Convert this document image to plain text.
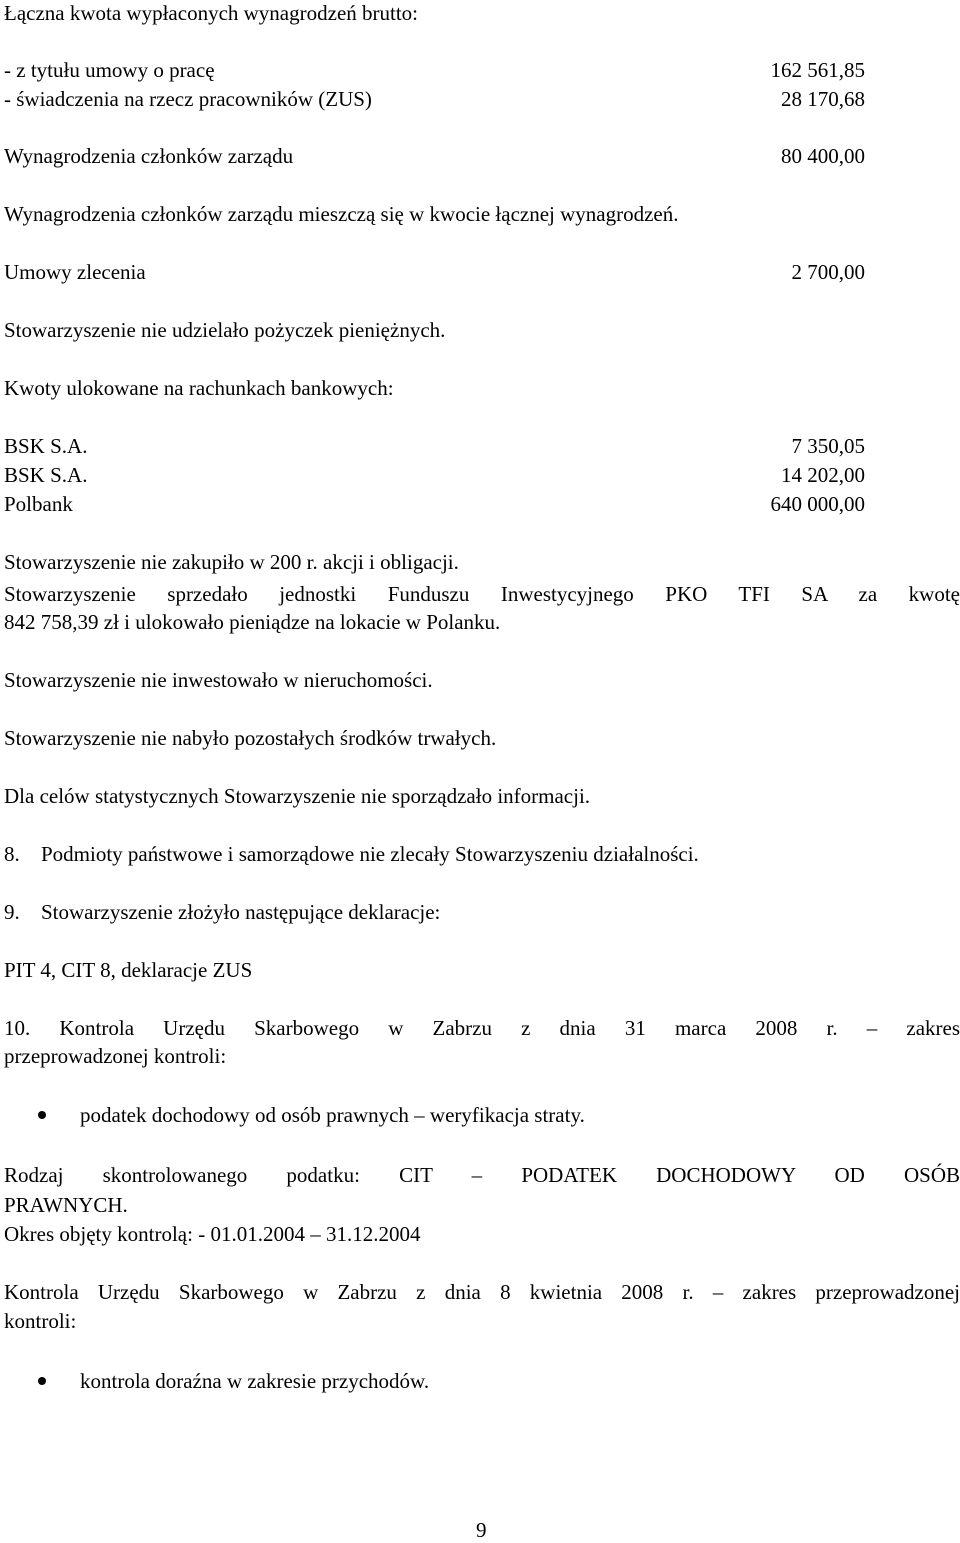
Łączna kwota wypłaconych wynagrodzeń brutto:
- z tytułu umowy o pracę	162 561,85
- świadczenia na rzecz pracowników (ZUS)	28 170,68
Wynagrodzenia członków zarządu	80 400,00
Wynagrodzenia członków zarządu mieszczą się w kwocie łącznej wynagrodzeń.
Umowy zlecenia	2 700,00
Stowarzyszenie nie udzielało pożyczek pieniężnych.
Kwoty ulokowane na rachunkach bankowych:
BSK S.A.	7 350,05
BSK S.A.	14 202,00
Polbank	640 000,00
Stowarzyszenie nie zakupiło w 200 r. akcji i obligacji.
Stowarzyszenie sprzedało jednostki Funduszu Inwestycyjnego PKO TFI SA za kwotę
842 758,39 zł i ulokowało pieniądze na lokacie w Polanku.
Stowarzyszenie nie inwestowało w nieruchomości.
Stowarzyszenie nie nabyło pozostałych środków trwałych.
Dla celów statystycznych Stowarzyszenie nie sporządzało informacji.
8. Podmioty państwowe i samorządowe nie zlecały Stowarzyszeniu działalności.
9. Stowarzyszenie złożyło następujące deklaracje:
PIT 4, CIT 8, deklaracje ZUS
10. Kontrola Urzędu Skarbowego w Zabrzu z dnia 31 marca 2008 r. – zakres
przeprowadzonej kontroli:
podatek dochodowy od osób prawnych – weryfikacja straty.
Rodzaj skontrolowanego podatku: CIT – PODATEK DOCHODOWY OD OSÓB
PRAWNYCH.
Okres objęty kontrolą: - 01.01.2004 – 31.12.2004
Kontrola Urzędu Skarbowego w Zabrzu z dnia 8 kwietnia 2008 r. – zakres przeprowadzonej
kontroli:
kontrola doraźna w zakresie przychodów.
9
